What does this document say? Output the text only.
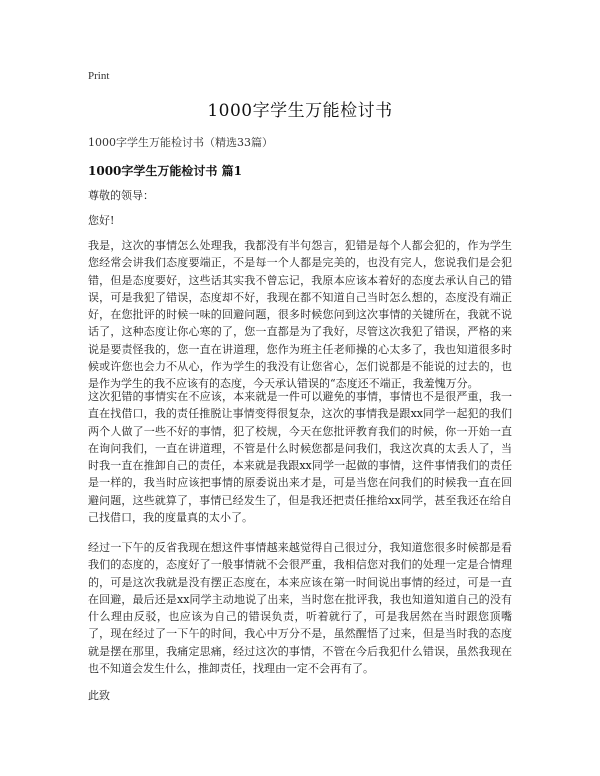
Print
1000字学生万能检讨书
1000字学生万能检讨书（精选33篇）
1000字学生万能检讨书 篇1
尊敬的领导：
您好!

我是，这次的事情怎么处理我，我都没有半句怨言，犯错是每个人都会犯的，作为学生您经常会讲我们态度要端正，不是每一个人都是完美的，也没有完人，您说我们是会犯错，但是态度要好，这些话其实我不曾忘记，我原本应该本着好的态度去承认自己的错误，可是我犯了错误，态度却不好，我现在都不知道自己当时怎么想的，态度没有端正好，在您批评的时候一味的回避问题，很多时候您问到这次事情的关键所在，我就不说话了，这种态度让你心寒的了，您一直都是为了我好，尽管这次我犯了错误，严格的来说是要责怪我的，您一直在讲道理，您作为班主任老师操的心太多了，我也知道很多时候或许您也会力不从心，作为学生的我没有让您省心，怎们说都是不能说的过去的，也是作为学生的我不应该有的态度，今天承认错误的“态度还不端正，我羞愧万分。

这次犯错的事情实在不应该，本来就是一件可以避免的事情，事情也不是很严重，我一直在找借口，我的责任推脱让事情变得很复杂，这次的事情我是跟xx同学一起犯的我们两个人做了一些不好的事情，犯了校规，今天在您批评教育我们的时候，你一开始一直在询问我们，一直在讲道理，不管是什么时候您都是问我们，我这次真的太丢人了，当时我一直在推卸自己的责任，本来就是我跟xx同学一起做的事情，这件事情我们的责任是一样的，我当时应该把事情的原委说出来才是，可是当您在问我们的时候我一直在回避问题，这些就算了，事情已经发生了，但是我还把责任推给xx同学，甚至我还在给自己找借口，我的度量真的太小了。

经过一下午的反省我现在想这件事情越来越觉得自己很过分，我知道您很多时候都是看我们的态度的，态度好了一般事情就不会很严重，我相信您对我们的处理一定是合情理的，可是这次我就是没有摆正态度在，本来应该在第一时间说出事情的经过，可是一直在回避，最后还是xx同学主动地说了出来，当时您在批评我，我也知道知道自己的没有什么理由反驳，也应该为自己的错误负责，听着就行了，可是我居然在当时跟您顶嘴了，现在经过了一下午的时间，我心中万分不是，虽然醒悟了过来，但是当时我的态度就是摆在那里，我痛定思痛，经过这次的事情，不管在今后我犯什么错误，虽然我现在也不知道会发生什么，推卸责任，找理由一定不会再有了。

此致
